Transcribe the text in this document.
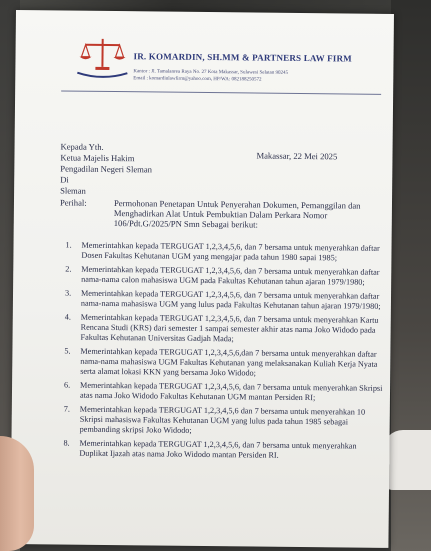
IR. KOMARDIN, SH.MM & PARTNERS LAW FIRM
Kantor : Jl. Tamalanrea Raya No. 27 Kota Makassar, Sulawesi Selatan 90245
Email : komardinlawfirm@yahoo.com, HP/WA: 082188250572
Makassar, 22 Mei 2025
Kepada Yth.
Ketua Majelis Hakim
Pengadilan Negeri Sleman
Di
Sleman
Perihal:	Permohonan Penetapan Untuk Penyerahan Dokumen, Pemanggilan dan Menghadirkan Alat Untuk Pembuktian Dalam Perkara Nomor 106/Pdt.G/2025/PN Smn Sebagai berikut:
1. Memerintahkan kepada TERGUGAT 1,2,3,4,5,6, dan 7 bersama untuk menyerahkan daftar Dosen Fakultas Kehutanan UGM yang mengajar pada tahun 1980 sapai 1985;
2. Memerintahkan kepada TERGUGAT 1,2,3,4,5,6, dan 7 bersama untuk menyerahkan daftar nama-nama calon mahasiswa UGM pada Fakultas Kehutanan tahun ajaran 1979/1980;
3. Memerintahkan kepada TERGUGAT 1,2,3,4,5,6, dan 7 bersama untuk menyerahkan daftar nama-nama mahasiswa UGM yang lulus pada Fakultas Kehutanan tahun ajaran 1979/1980;
4. Memerintahkan kepada TERGUGAT 1,2,3,4,5,6, dan 7 bersama untuk menyerahkan Kartu Rencana Studi (KRS) dari semester 1 sampai semester akhir atas nama Joko Widodo pada Fakultas Kehutanan Universitas Gadjah Mada;
5. Memerintahkan kepada TERGUGAT 1,2,3,4,5,6,dan 7 bersama untuk menyerahkan daftar nama-nama mahasiswa UGM Fakultas Kehutanan yang melaksanakan Kuliah Kerja Nyata serta alamat lokasi KKN yang bersama Joko Widodo;
6. Memerintahkan kepada TERGUGAT 1,2,3,4,5,6, dan 7 bersama untuk menyerahkan Skripsi atas nama Joko Widodo Fakultas Kehutanan UGM mantan Persiden RI;
7. Memerintahkan kepada TERGUGAT 1,2,3,4,5,6 dan 7 bersama untuk menyerahkan 10 Skripsi mahasiswa Fakultas Kehutanan UGM yang lulus pada tahun 1985 sebagai pembanding skripsi Joko Widodo;
8. Memerintahkan kepada TERGUGAT 1,2,3,4,5,6, dan 7 bersama untuk menyerahkan Duplikat Ijazah atas nama Joko Widodo mantan Persiden RI.
